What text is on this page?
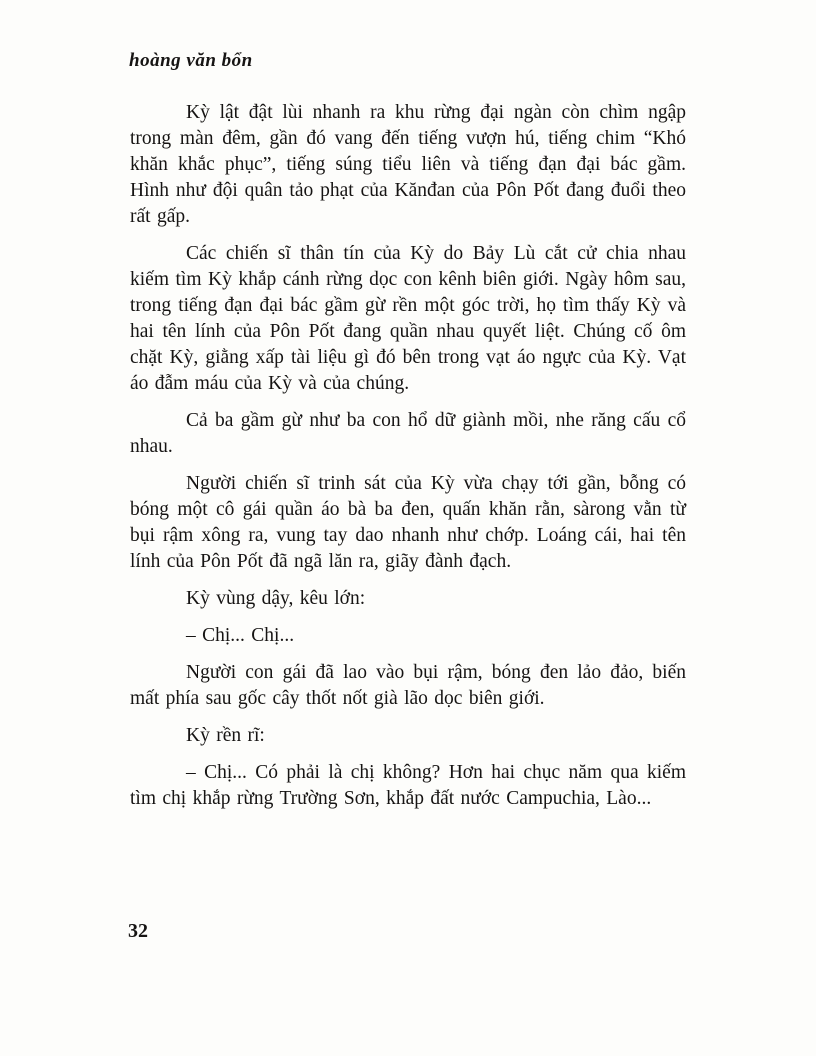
hoàng văn bổn

Kỳ lật đật lùi nhanh ra khu rừng đại ngàn còn chìm ngập trong màn đêm, gần đó vang đến tiếng vượn hú, tiếng chim “Khó khăn khắc phục”, tiếng súng tiểu liên và tiếng đạn đại bác gầm. Hình như đội quân tảo phạt của Kănđan của Pôn Pốt đang đuổi theo rất gấp.

Các chiến sĩ thân tín của Kỳ do Bảy Lù cắt cử chia nhau kiếm tìm Kỳ khắp cánh rừng dọc con kênh biên giới. Ngày hôm sau, trong tiếng đạn đại bác gầm gừ rền một góc trời, họ tìm thấy Kỳ và hai tên lính của Pôn Pốt đang quần nhau quyết liệt. Chúng cố ôm chặt Kỳ, giằng xấp tài liệu gì đó bên trong vạt áo ngực của Kỳ. Vạt áo đẫm máu của Kỳ và của chúng.

Cả ba gầm gừ như ba con hổ dữ giành mồi, nhe răng cấu cổ nhau.

Người chiến sĩ trinh sát của Kỳ vừa chạy tới gần, bỗng có bóng một cô gái quần áo bà ba đen, quấn khăn rằn, sàrong vằn từ bụi rậm xông ra, vung tay dao nhanh như chớp. Loáng cái, hai tên lính của Pôn Pốt đã ngã lăn ra, giãy đành đạch.

Kỳ vùng dậy, kêu lớn:

– Chị... Chị...

Người con gái đã lao vào bụi rậm, bóng đen lảo đảo, biến mất phía sau gốc cây thốt nốt già lão dọc biên giới.

Kỳ rền rĩ:

– Chị... Có phải là chị không? Hơn hai chục năm qua kiếm tìm chị khắp rừng Trường Sơn, khắp đất nước Campuchia, Lào...

32
